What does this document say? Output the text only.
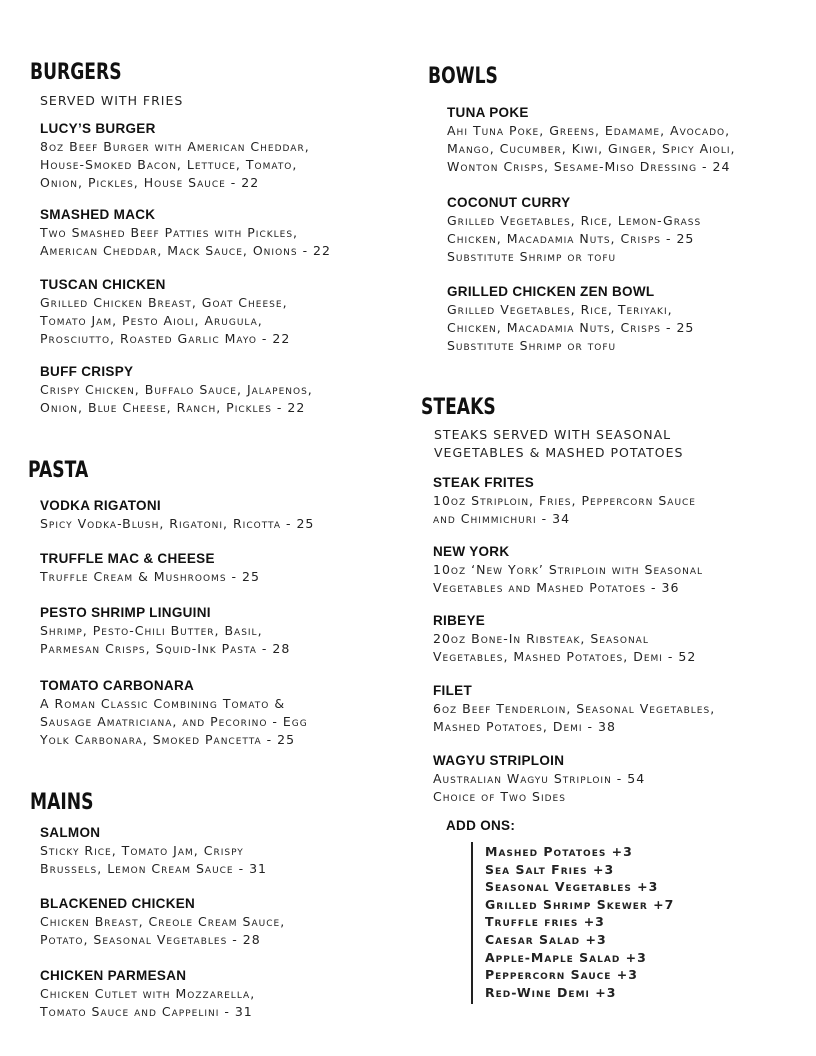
BURGERS

SERVED WITH FRIES

LUCY’S BURGER
8oz Beef Burger with American Cheddar,
House-Smoked Bacon, Lettuce, Tomato,
Onion, Pickles, House Sauce - 22
SMASHED MACK
Two Smashed Beef Patties with Pickles,
American Cheddar, Mack Sauce, Onions - 22
TUSCAN CHICKEN
Grilled Chicken Breast, Goat Cheese,
Tomato Jam, Pesto Aioli, Arugula,
Prosciutto, Roasted Garlic Mayo - 22
BUFF CRISPY
Crispy Chicken, Buffalo Sauce, Jalapenos,
Onion, Blue Cheese, Ranch, Pickles - 22
PASTA
VODKA RIGATONI
Spicy Vodka-Blush, Rigatoni, Ricotta - 25
TRUFFLE MAC & CHEESE
Truffle Cream & Mushrooms - 25
PESTO SHRIMP LINGUINI
Shrimp, Pesto-Chili Butter, Basil,
Parmesan Crisps, Squid-Ink Pasta - 28
TOMATO CARBONARA
A Roman Classic Combining Tomato &
Sausage Amatriciana, and Pecorino - Egg
Yolk Carbonara, Smoked Pancetta - 25
MAINS
SALMON
Sticky Rice, Tomato Jam, Crispy
Brussels, Lemon Cream Sauce - 31
BLACKENED CHICKEN
Chicken Breast, Creole Cream Sauce,
Potato, Seasonal Vegetables - 28
CHICKEN PARMESAN
Chicken Cutlet with Mozzarella,
Tomato Sauce and Cappelini - 31
BOWLS
TUNA POKE
Ahi Tuna Poke, Greens, Edamame, Avocado,
Mango, Cucumber, Kiwi, Ginger, Spicy Aioli,
Wonton Crisps, Sesame-Miso Dressing - 24
COCONUT CURRY
Grilled Vegetables, Rice, Lemon-Grass
Chicken, Macadamia Nuts, Crisps - 25
Substitute Shrimp or tofu
GRILLED CHICKEN ZEN BOWL
Grilled Vegetables, Rice, Teriyaki,
Chicken, Macadamia Nuts, Crisps - 25
Substitute Shrimp or tofu
STEAKS

STEAKS SERVED WITH SEASONAL
VEGETABLES & MASHED POTATOES

STEAK FRITES
10oz Striploin, Fries, Peppercorn Sauce
and Chimmichuri - 34
NEW YORK
10oz ‘New York’ Striploin with Seasonal
Vegetables and Mashed Potatoes - 36
RIBEYE
20oz Bone-In Ribsteak, Seasonal
Vegetables, Mashed Potatoes, Demi - 52
FILET
6oz Beef Tenderloin, Seasonal Vegetables,
Mashed Potatoes, Demi - 38
WAGYU STRIPLOIN
Australian Wagyu Striploin - 54
Choice of Two Sides
ADD ONS:
Mashed Potatoes +3
Sea Salt Fries +3
Seasonal Vegetables +3
Grilled Shrimp Skewer +7
Truffle fries +3
Caesar Salad +3
Apple-Maple Salad +3
Peppercorn Sauce +3
Red-Wine Demi +3
